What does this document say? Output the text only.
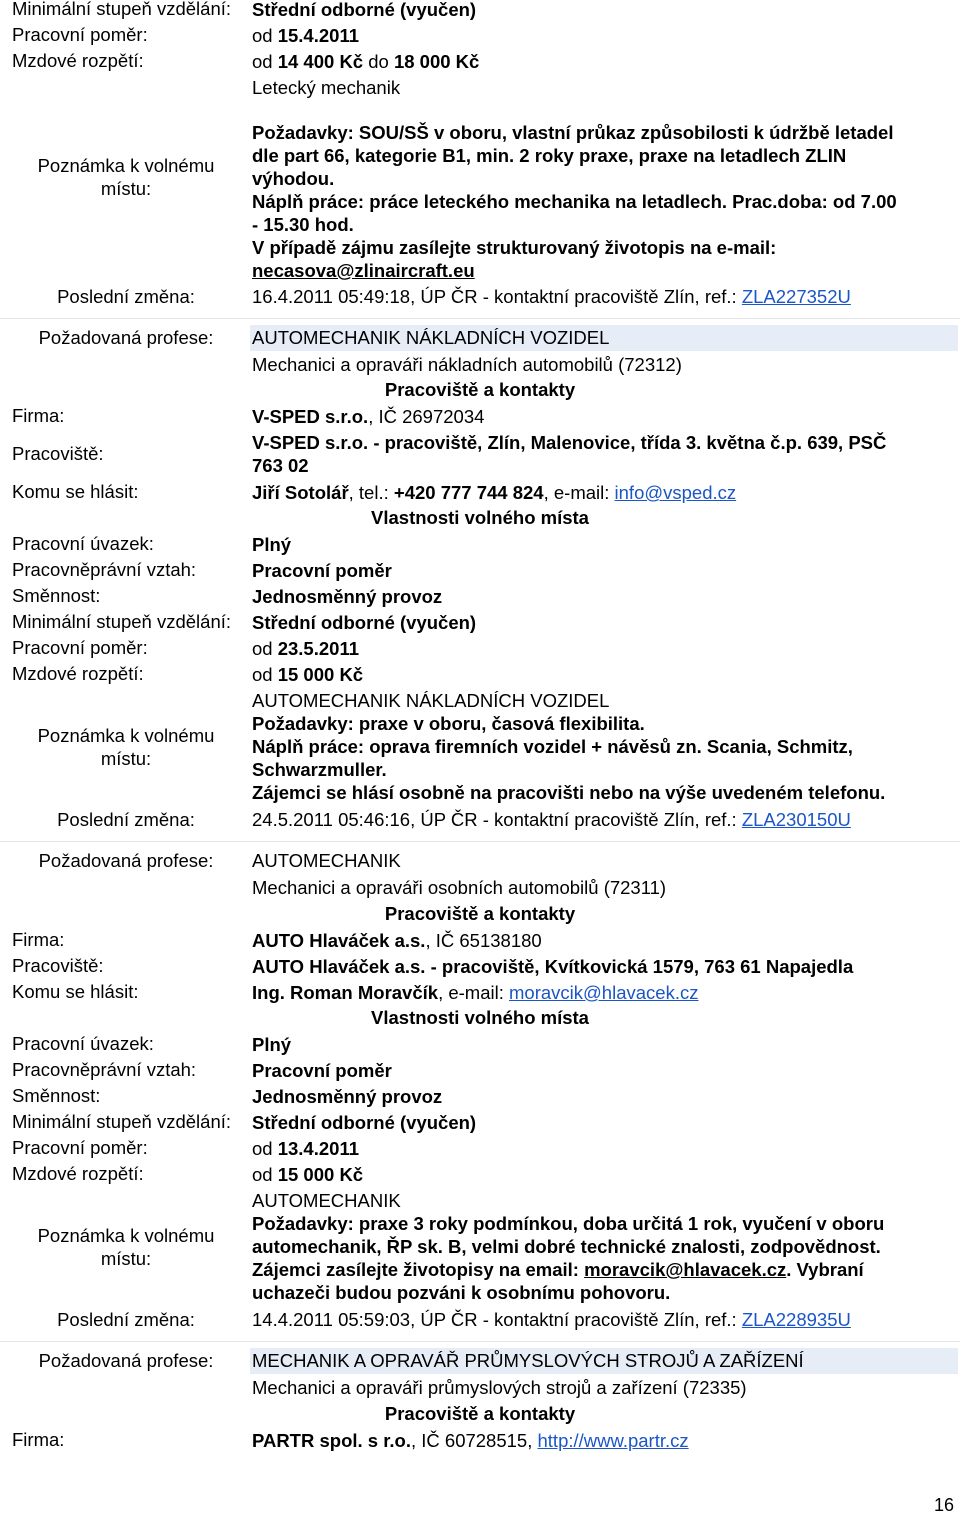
Minimální stupeň vzdělání: Střední odborné (vyučen)
Pracovní poměr:	od 15.4.2011
Mzdové rozpětí:	od 14 400 Kč do 18 000 Kč
Poznámka k volnému
místu:
Letecký mechanik
Požadavky: SOU/SŠ v oboru, vlastní průkaz způsobilosti k údržbě letadel
dle part 66, kategorie B1, min. 2 roky praxe, praxe na letadlech ZLIN
výhodou.
Náplň práce: práce leteckého mechanika na letadlech. Prac.doba: od 7.00
- 15.30 hod.
V případě zájmu zasílejte strukturovaný životopis na e-mail:
necasova@zlinaircraft.eu
Poslední změna:	16.4.2011 05:49:18, ÚP ČR - kontaktní pracoviště Zlín, ref.: ZLA227352U
Požadovaná profese:	AUTOMECHANIK NÁKLADNÍCH VOZIDEL
Mechanici a opraváři nákladních automobilů (72312)
Pracoviště a kontakty
Firma:	V-SPED s.r.o., IČ 26972034
Pracoviště:
V-SPED s.r.o. - pracoviště, Zlín, Malenovice, třída 3. května č.p. 639, PSČ
763 02
Komu se hlásit:	Jiří Sotolář, tel.: +420 777 744 824, e-mail: info@vsped.cz
Vlastnosti volného místa
Pracovní úvazek:	Plný
Pracovněprávní vztah:	Pracovní poměr
Směnnost:	Jednosměnný provoz
Minimální stupeň vzdělání: Střední odborné (vyučen)
Pracovní poměr:	od 23.5.2011
Mzdové rozpětí:	od 15 000 Kč
Poznámka k volnému
místu:
AUTOMECHANIK NÁKLADNÍCH VOZIDEL
Požadavky: praxe v oboru, časová flexibilita.
Náplň práce: oprava firemních vozidel + návěsů zn. Scania, Schmitz,
Schwarzmuller.
Zájemci se hlásí osobně na pracovišti nebo na výše uvedeném telefonu.
Poslední změna:	24.5.2011 05:46:16, ÚP ČR - kontaktní pracoviště Zlín, ref.: ZLA230150U
Požadovaná profese:	AUTOMECHANIK
Mechanici a opraváři osobních automobilů (72311)
Pracoviště a kontakty
Firma:	AUTO Hlaváček a.s., IČ 65138180
Pracoviště:	AUTO Hlaváček a.s. - pracoviště, Kvítkovická 1579, 763 61 Napajedla
Komu se hlásit:	Ing. Roman Moravčík, e-mail: moravcik@hlavacek.cz
Vlastnosti volného místa
Pracovní úvazek:	Plný
Pracovněprávní vztah:	Pracovní poměr
Směnnost:	Jednosměnný provoz
Minimální stupeň vzdělání: Střední odborné (vyučen)
Pracovní poměr:	od 13.4.2011
Mzdové rozpětí:	od 15 000 Kč
Poznámka k volnému
místu:
AUTOMECHANIK
Požadavky: praxe 3 roky podmínkou, doba určitá 1 rok, vyučení v oboru
automechanik, ŘP sk. B, velmi dobré technické znalosti, zodpovědnost.
Zájemci zasílejte životopisy na email: moravcik@hlavacek.cz. Vybraní
uchazeči budou pozváni k osobnímu pohovoru.
Poslední změna:	14.4.2011 05:59:03, ÚP ČR - kontaktní pracoviště Zlín, ref.: ZLA228935U
Požadovaná profese:	MECHANIK A OPRAVÁŘ PRŮMYSLOVÝCH STROJŮ A ZAŘÍZENÍ
Mechanici a opraváři průmyslových strojů a zařízení (72335)
Pracoviště a kontakty
Firma:	PARTR spol. s r.o., IČ 60728515, http://www.partr.cz
16
